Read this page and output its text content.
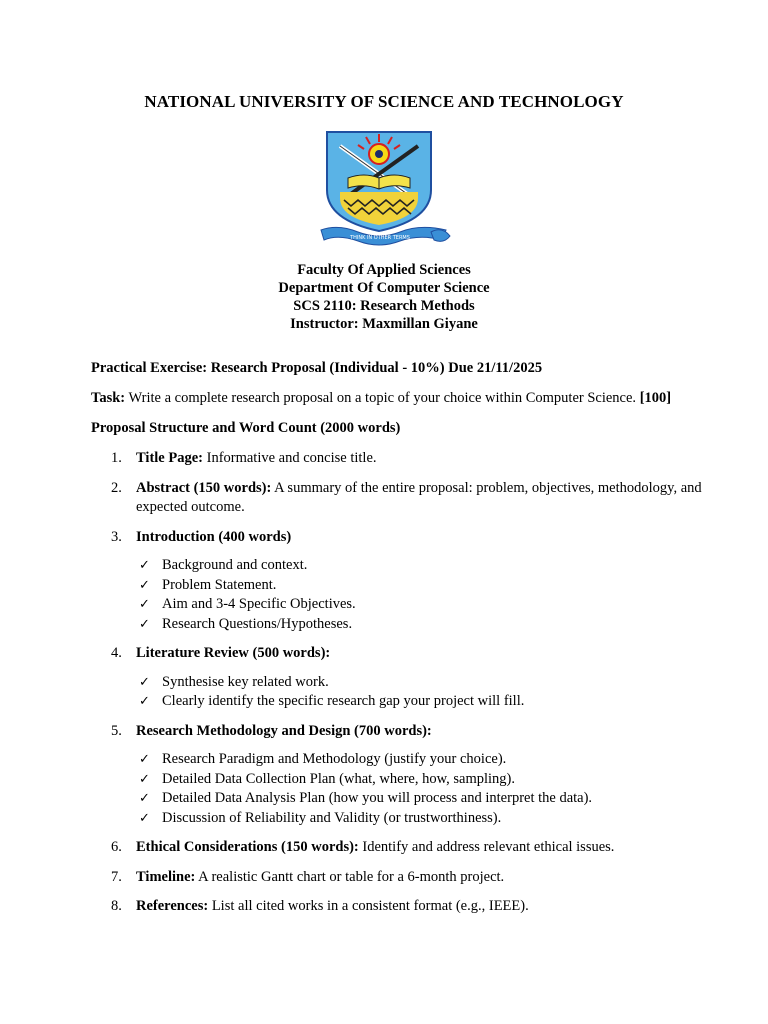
NATIONAL UNIVERSITY OF SCIENCE AND TECHNOLOGY
THINK IN OTHER TERMS
Faculty Of Applied Sciences
Department Of Computer Science
SCS 2110: Research Methods
Instructor: Maxmillan Giyane

Practical Exercise: Research Proposal (Individual - 10%) Due 21/11/2025

Task: Write a complete research proposal on a topic of your choice within Computer Science. [100]

Proposal Structure and Word Count (2000 words)

1. Title Page: Informative and concise title.
2. Abstract (150 words): A summary of the entire proposal: problem, objectives, methodology, and expected outcome.
3. Introduction (400 words)
✓ Background and context.
✓ Problem Statement.
✓ Aim and 3-4 Specific Objectives.
✓ Research Questions/Hypotheses.
4. Literature Review (500 words):
✓ Synthesise key related work.
✓ Clearly identify the specific research gap your project will fill.
5. Research Methodology and Design (700 words):
✓ Research Paradigm and Methodology (justify your choice).
✓ Detailed Data Collection Plan (what, where, how, sampling).
✓ Detailed Data Analysis Plan (how you will process and interpret the data).
✓ Discussion of Reliability and Validity (or trustworthiness).
6. Ethical Considerations (150 words): Identify and address relevant ethical issues.
7. Timeline: A realistic Gantt chart or table for a 6-month project.
8. References: List all cited works in a consistent format (e.g., IEEE).
